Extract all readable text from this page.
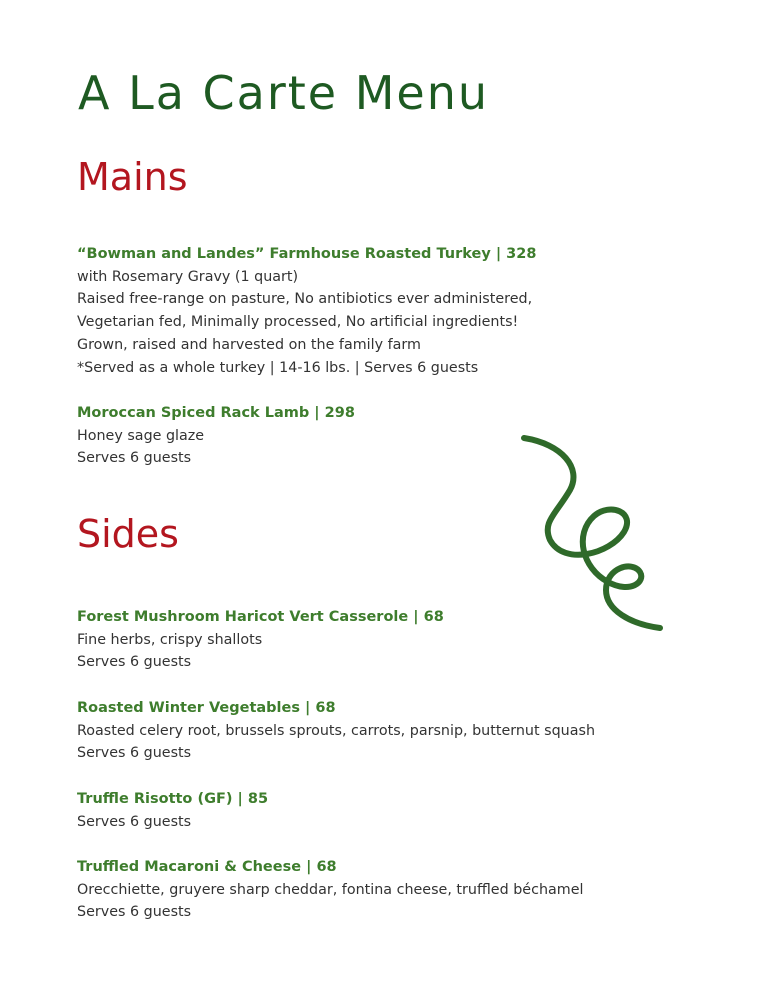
A La Carte Menu
Mains
“Bowman and Landes” Farmhouse Roasted Turkey | 328
with Rosemary Gravy (1 quart)
Raised free-range on pasture, No antibiotics ever administered,
Vegetarian fed, Minimally processed, No artificial ingredients!
Grown, raised and harvested on the family farm
*Served as a whole turkey | 14-16 lbs. | Serves 6 guests
Moroccan Spiced Rack Lamb | 298
Honey sage glaze
Serves 6 guests
Sides
Forest Mushroom Haricot Vert Casserole | 68
Fine herbs, crispy shallots
Serves 6 guests
Roasted Winter Vegetables | 68
Roasted celery root, brussels sprouts, carrots, parsnip, butternut squash
Serves 6 guests
Truffle Risotto (GF) | 85
Serves 6 guests
Truffled Macaroni & Cheese | 68
Orecchiette, gruyere sharp cheddar, fontina cheese, truffled béchamel
Serves 6 guests
